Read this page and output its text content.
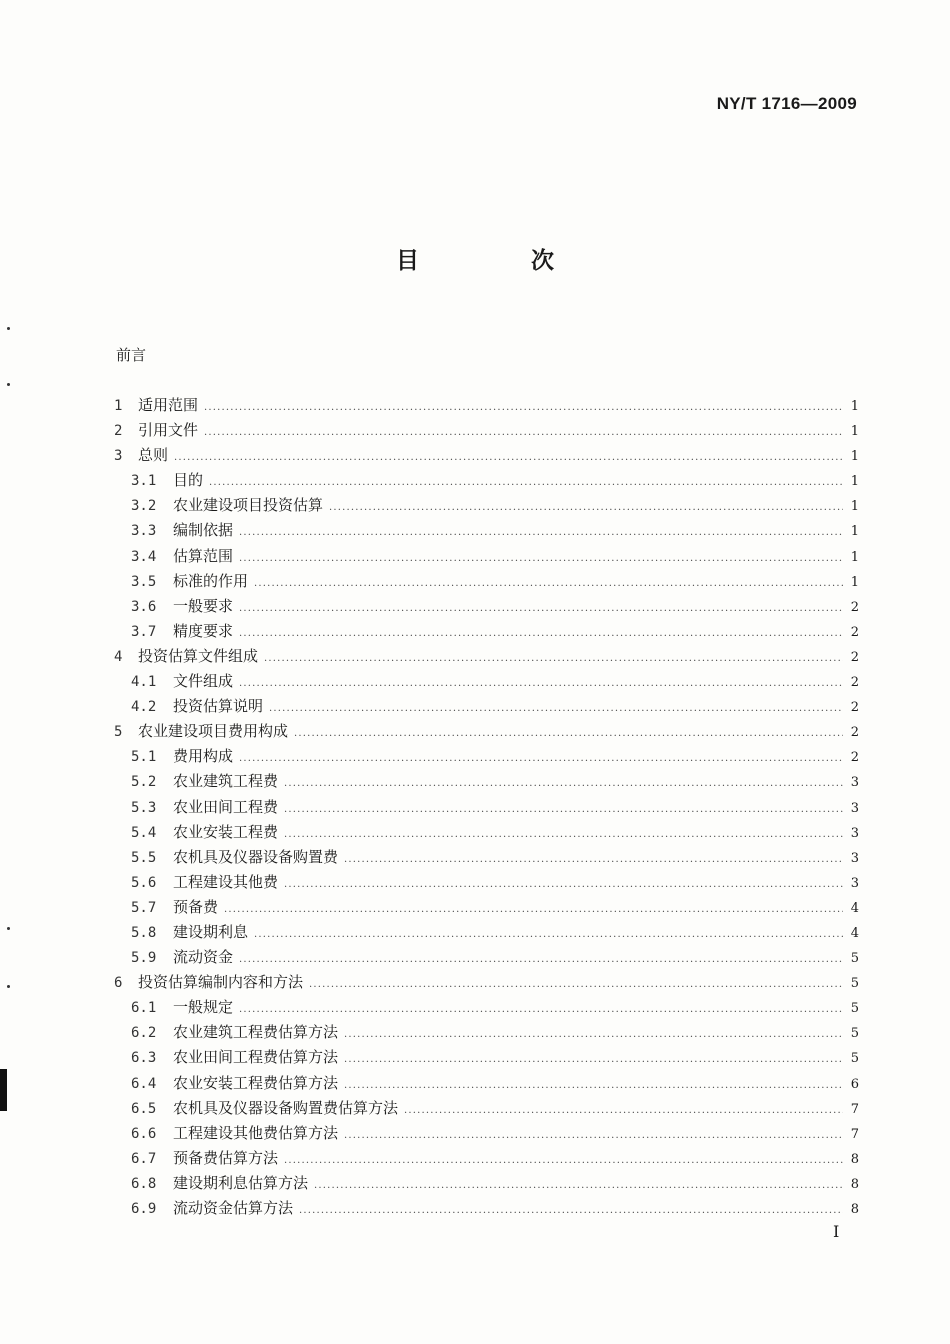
NY/T 1716—2009
目 次
前言
1	适用范围 .....	1
2	引用文件 .....	1
3	总则 .....	1
3.1	目的 .....	1
3.2	农业建设项目投资估算 .....	1
3.3	编制依据 .....	1
3.4	估算范围 .....	1
3.5	标准的作用 .....	1
3.6	一般要求 .....	2
3.7	精度要求 .....	2
4	投资估算文件组成 .....	2
4.1	文件组成 .....	2
4.2	投资估算说明 .....	2
5	农业建设项目费用构成 .....	2
5.1	费用构成 .....	2
5.2	农业建筑工程费 .....	3
5.3	农业田间工程费 .....	3
5.4	农业安装工程费 .....	3
5.5	农机具及仪器设备购置费 .....	3
5.6	工程建设其他费 .....	3
5.7	预备费 .....	4
5.8	建设期利息 .....	4
5.9	流动资金 .....	5
6	投资估算编制内容和方法 .....	5
6.1	一般规定 .....	5
6.2	农业建筑工程费估算方法 .....	5
6.3	农业田间工程费估算方法 .....	5
6.4	农业安装工程费估算方法 .....	6
6.5	农机具及仪器设备购置费估算方法 .....	7
6.6	工程建设其他费估算方法 .....	7
6.7	预备费估算方法 .....	8
6.8	建设期利息估算方法 .....	8
6.9	流动资金估算方法 .....	8
I
